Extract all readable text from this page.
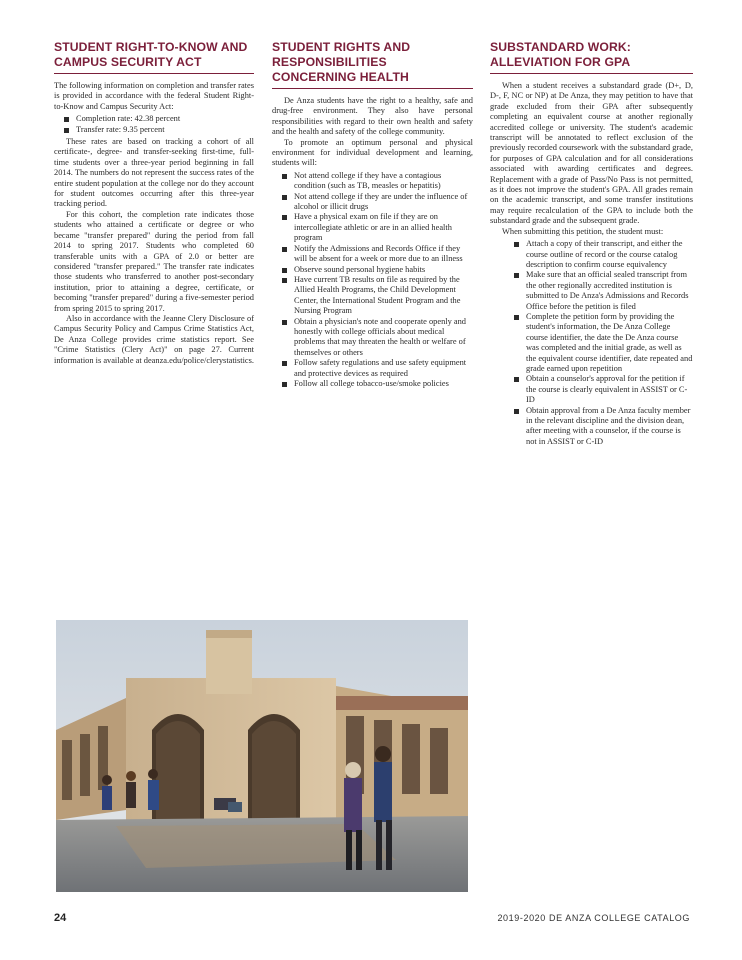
STUDENT RIGHT-TO-KNOW AND CAMPUS SECURITY ACT

The following information on completion and transfer rates is provided in accordance with the federal Student Right-to-Know and Campus Security Act:

Completion rate: 42.38 percent
Transfer rate: 9.35 percent

These rates are based on tracking a cohort of all certificate-, degree- and transfer-seeking first-time, full-time students over a three-year period beginning in fall 2014. The numbers do not represent the success rates of the entire student population at the college nor do they account for student outcomes occurring after this three-year tracking period.

For this cohort, the completion rate indicates those students who attained a certificate or degree or who became "transfer prepared" during the period from fall 2014 to spring 2017. Students who completed 60 transferable units with a GPA of 2.0 or better are considered "transfer prepared." The transfer rate indicates those students who transferred to another post-secondary institution, prior to attaining a degree, certificate, or becoming "transfer prepared" during a five-semester period from spring 2015 to spring 2017.

Also in accordance with the Jeanne Clery Disclosure of Campus Security Policy and Campus Crime Statistics Act, De Anza College provides crime statistics report. See "Crime Statistics (Clery Act)" on page 27. Current information is available at deanza.edu/police/clerystatistics.

STUDENT RIGHTS AND RESPONSIBILITIES CONCERNING HEALTH

De Anza students have the right to a healthy, safe and drug-free environment. They also have personal responsibilities with regard to their own health and safety and the health and safety of the college community.

To promote an optimum personal and physical environment for individual development and learning, students will:

Not attend college if they have a contagious condition (such as TB, measles or hepatitis)
Not attend college if they are under the influence of alcohol or illicit drugs
Have a physical exam on file if they are on intercollegiate athletic or are in an allied health program
Notify the Admissions and Records Office if they will be absent for a week or more due to an illness
Observe sound personal hygiene habits
Have current TB results on file as required by the Allied Health Programs, the Child Development Center, the International Student Program and the Nursing Program
Obtain a physician's note and cooperate openly and honestly with college officials about medical problems that may threaten the health or welfare of themselves or others
Follow safety regulations and use safety equipment and protective devices as required
Follow all college tobacco-use/smoke policies
SUBSTANDARD WORK: ALLEVIATION FOR GPA

When a student receives a substandard grade (D+, D, D-, F, NC or NP) at De Anza, they may petition to have that grade excluded from their GPA after subsequently completing an equivalent course at another regionally accredited college or university. The student's academic transcript will be annotated to reflect exclusion of the previously recorded coursework with the substandard grade, for purposes of GPA calculation and for all considerations associated with awarding certificates and degrees. Replacement with a grade of Pass/No Pass is not permitted, as it does not improve the student's GPA. All grades remain on the academic transcript, and some transfer institutions may require recalculation of the GPA to include both the substandard grade and the subsequent grade.

When submitting this petition, the student must:

Attach a copy of their transcript, and either the course outline of record or the course catalog description to confirm course equivalency
Make sure that an official sealed transcript from the other regionally accredited institution is submitted to De Anza's Admissions and Records Office before the petition is filed
Complete the petition form by providing the student's information, the De Anza College course identifier, the date the De Anza course was completed and the initial grade, as well as the equivalent course identifier, date repeated and grade earned upon repetition
Obtain a counselor's approval for the petition if the course is clearly equivalent in ASSIST or C-ID
Obtain approval from a De Anza faculty member in the relevant discipline and the division dean, after meeting with a counselor, if the course is not in ASSIST or C-ID
24	2019-2020 DE ANZA COLLEGE CATALOG
